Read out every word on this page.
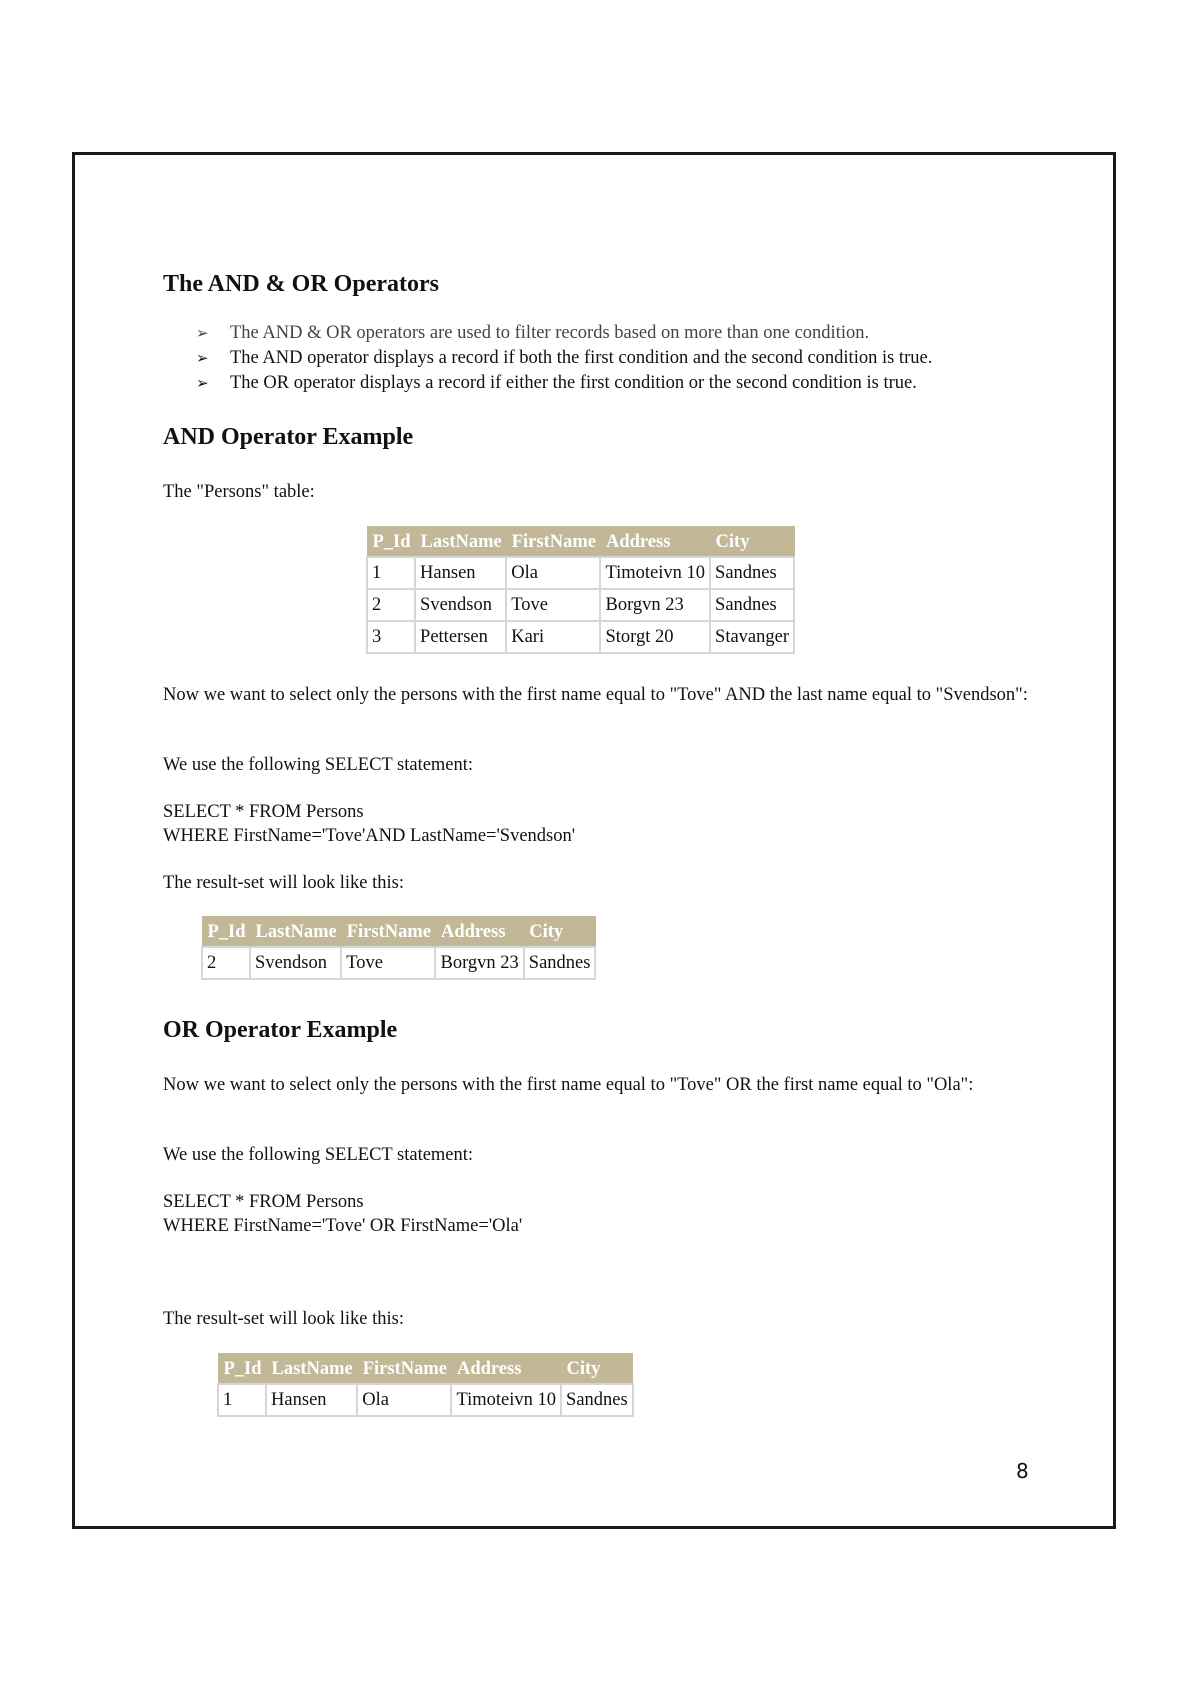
The AND & OR Operators
➢ The AND & OR operators are used to filter records based on more than one condition.
➢ The AND operator displays a record if both the first condition and the second condition is true.
➢ The OR operator displays a record if either the first condition or the second condition is true.
AND Operator Example

The "Persons" table:

P_Id	LastName	FirstName	Address	City
1	Hansen	Ola	Timoteivn 10	Sandnes
2	Svendson	Tove	Borgvn 23	Sandnes
3	Pettersen	Kari	Storgt 20	Stavanger

Now we want to select only the persons with the first name equal to "Tove" AND the last name equal to "Svendson":

We use the following SELECT statement:

SELECT * FROM Persons
WHERE FirstName='Tove'AND LastName='Svendson'

The result-set will look like this:

P_Id	LastName	FirstName	Address	City
2	Svendson	Tove	Borgvn 23	Sandnes
OR Operator Example

Now we want to select only the persons with the first name equal to "Tove" OR the first name equal to "Ola":

We use the following SELECT statement:

SELECT * FROM Persons
WHERE FirstName='Tove' OR FirstName='Ola'

The result-set will look like this:

P_Id	LastName	FirstName	Address	City
1	Hansen	Ola	Timoteivn 10	Sandnes
8
